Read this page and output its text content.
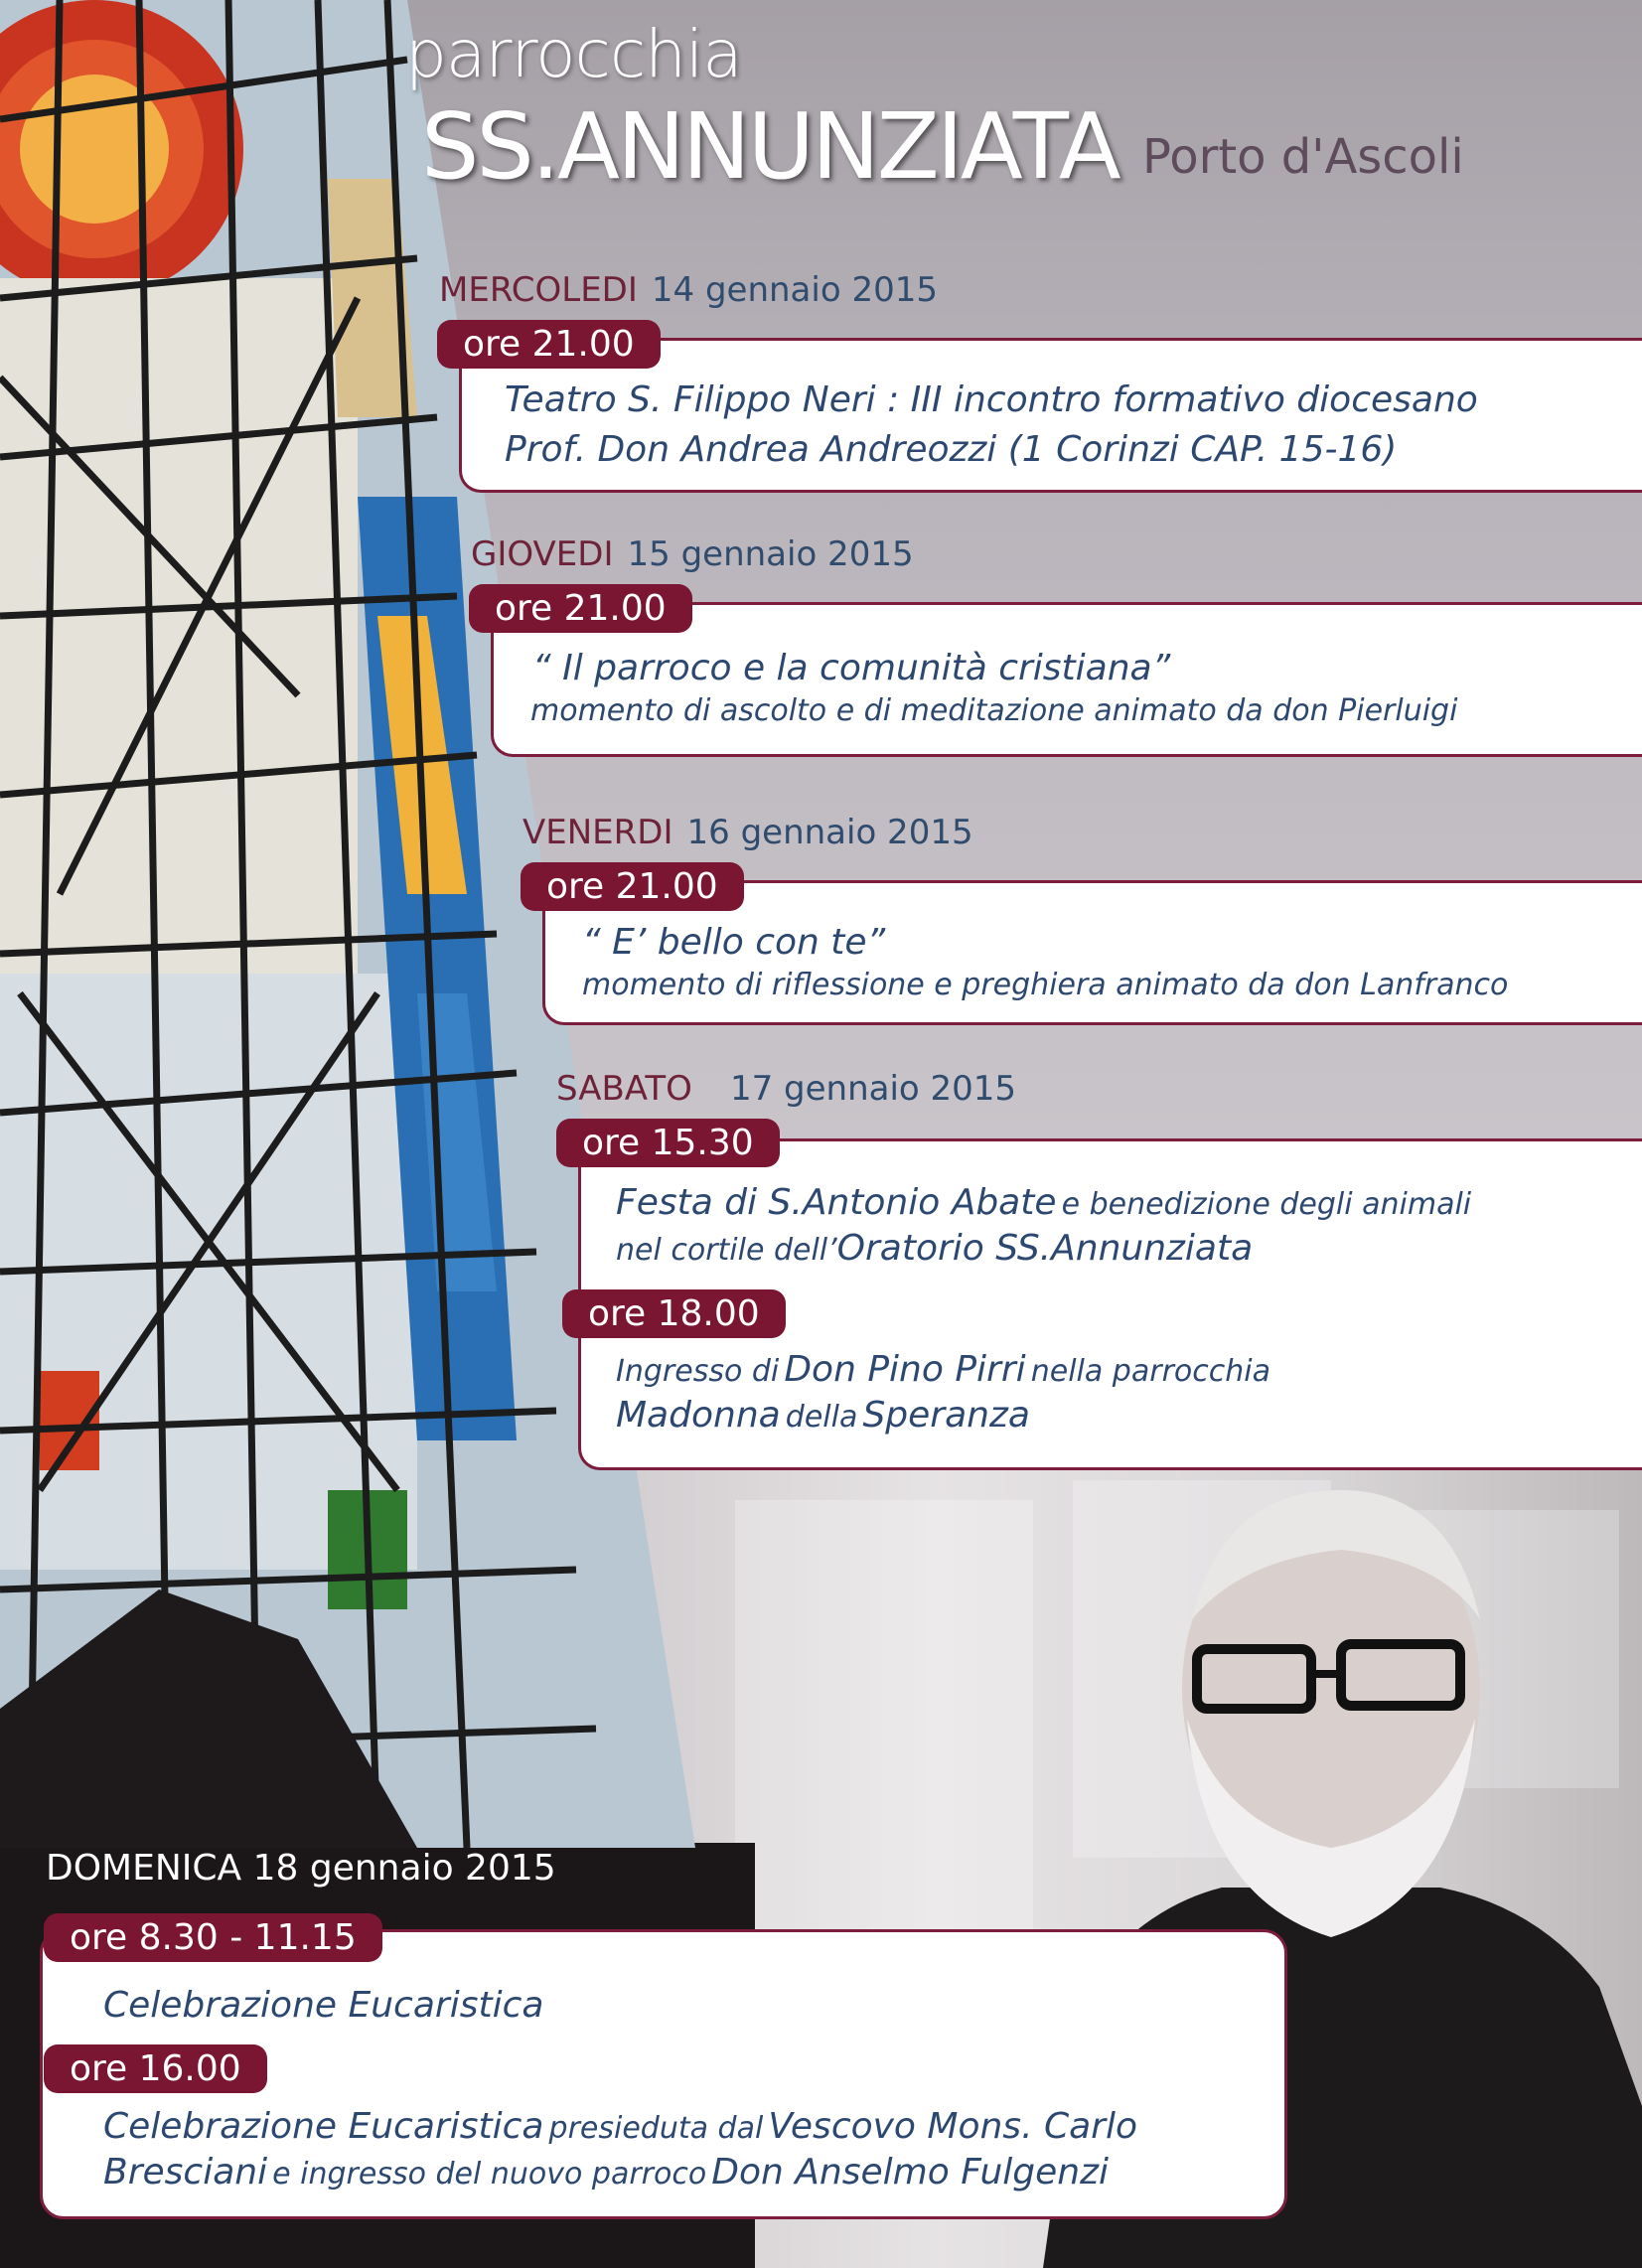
parrocchia
SS.ANNUNZIATA Porto d'Ascoli
MERCOLEDI 14 gennaio 2015
ore 21.00
Teatro S. Filippo Neri : III incontro formativo diocesano
Prof. Don Andrea Andreozzi (1 Corinzi CAP. 15-16)
GIOVEDI 15 gennaio 2015
ore 21.00
“ Il parroco e la comunità cristiana”
momento di ascolto e di meditazione animato da don Pierluigi
VENERDI 16 gennaio 2015
ore 21.00
“ E’ bello con te”
momento di riflessione e preghiera animato da don Lanfranco
SABATO 17 gennaio 2015
ore 15.30
Festa di S.Antonio Abate e benedizione degli animali
nel cortile dell’Oratorio SS.Annunziata
ore 18.00
Ingresso di Don Pino Pirri nella parrocchia
Madonna della Speranza
DOMENICA 18 gennaio 2015
ore 8.30 - 11.15
Celebrazione Eucaristica
ore 16.00
Celebrazione Eucaristica presieduta dal Vescovo Mons. Carlo
Bresciani e ingresso del nuovo parroco Don Anselmo Fulgenzi
